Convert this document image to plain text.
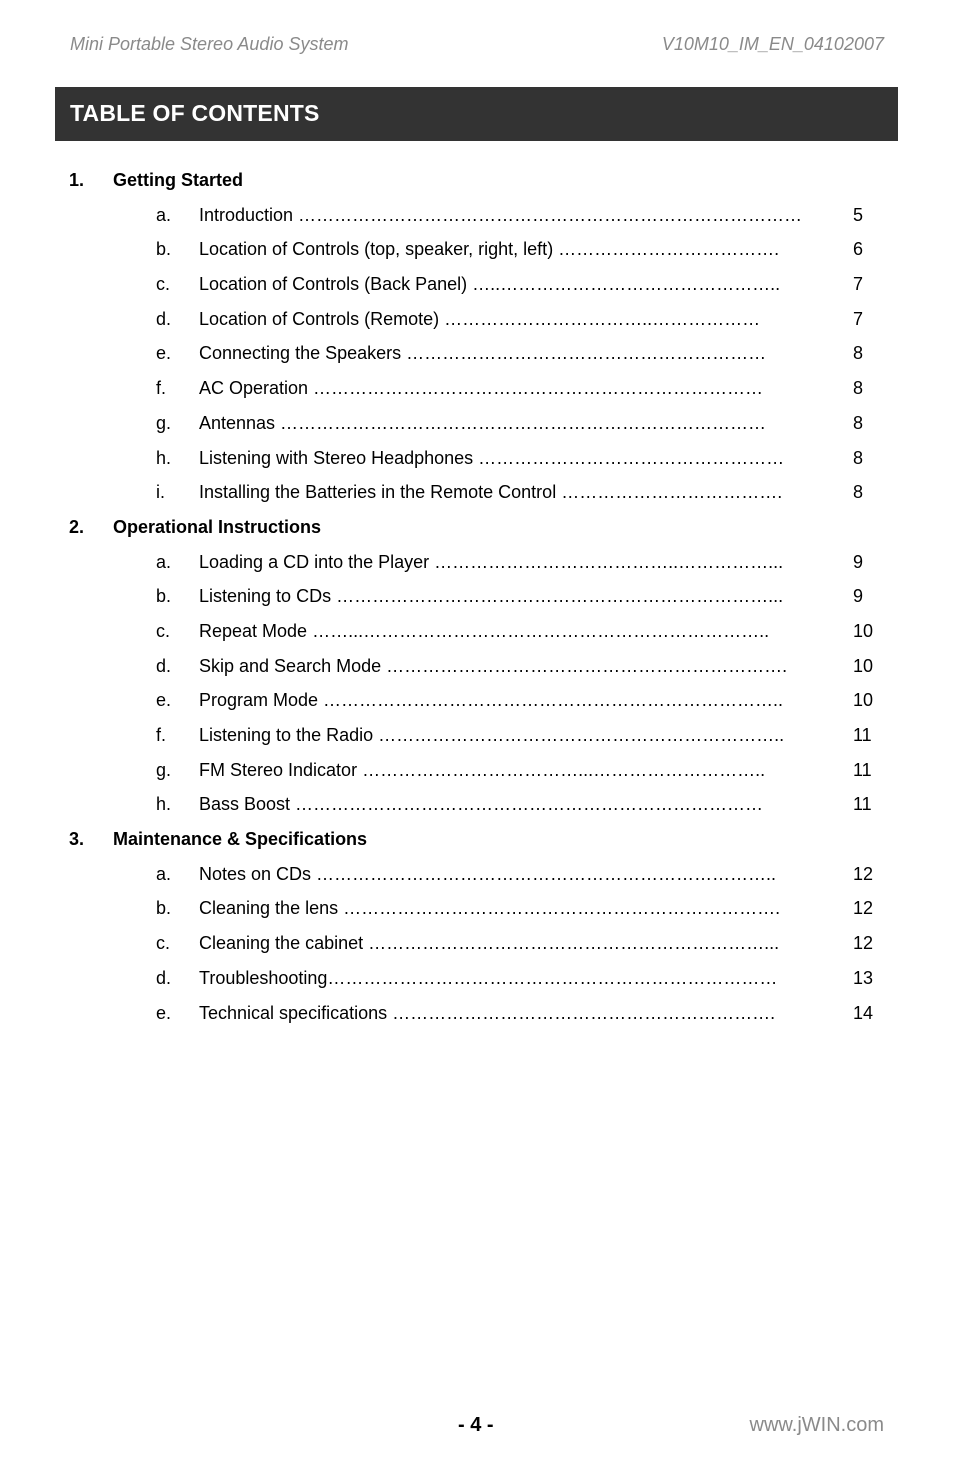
Mini Portable Stereo Audio System	V10M10_IM_EN_04102007
TABLE OF CONTENTS
1. Getting Started
a. Introduction …………………………………………………………………………	5
b. Location of Controls (top, speaker, right, left) ……………………………….	6
c. Location of Controls (Back Panel) …..………………………………………..	7
d. Location of Controls (Remote) ……………………………..………………	7
e. Connecting the Speakers ……………………………………………………	8
f. AC Operation …………………………………………………………………	8
g. Antennas ………………………………………………………………………	8
h. Listening with Stereo Headphones ……………………………………………	8
i. Installing the Batteries in the Remote Control ……………………………….	8
2. Operational Instructions
a. Loading a CD into the Player …………………………………..……………...	9
b. Listening to CDs ………………………………………………………………...	9
c. Repeat Mode ……...…………………………………………………………..	10
d. Skip and Search Mode ………………………………………………………….	10
e. Program Mode …………………………………………………………………..	10
f. Listening to the Radio …………………………………………………………..	11
g. FM Stereo Indicator ………………………………...………………………..	11
h. Bass Boost ……………………………………………………………………	11
3. Maintenance & Specifications
a. Notes on CDs …………………………………………………………………..	12
b. Cleaning the lens ……………………………………………………………….	12
c. Cleaning the cabinet …………………………………………………………...	12
d. Troubleshooting…………………………………………………………………	13
e. Technical specifications ……………………………………………………….	14
- 4 -	www.jWIN.com
